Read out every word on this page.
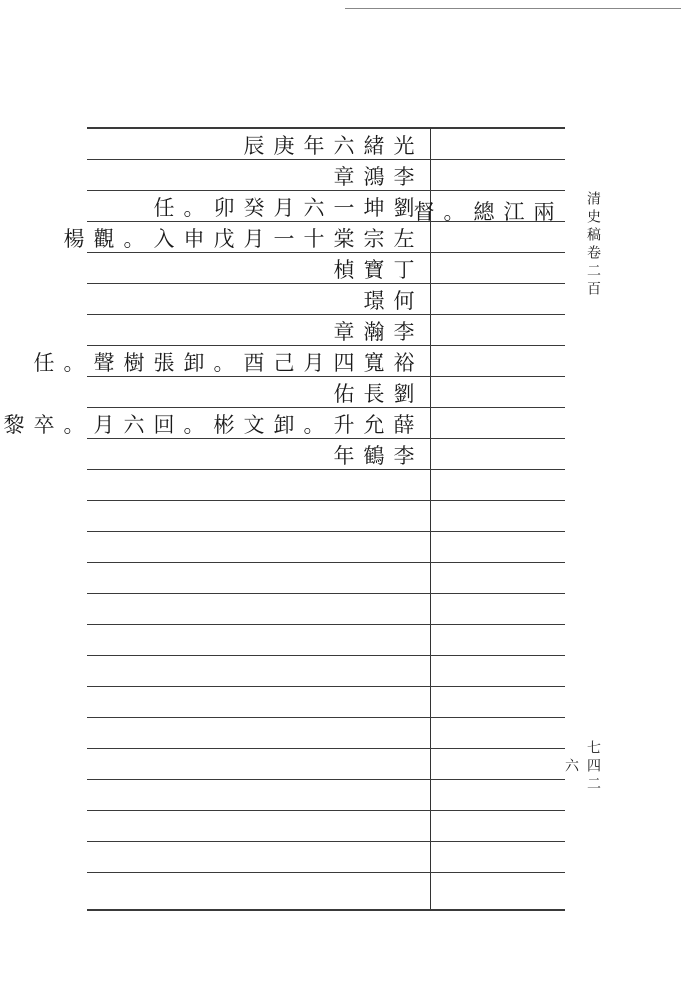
督 。 總 江 兩
辰 庚 年 六 緒 光
章 鴻 李
任 。 卯 癸 月 六 一 坤 劉
楊 觀 。 入 申 戊 月 一 十 棠 宗 左
楨 寶 丁
璟 何
章 瀚 李
任 。 聲 樹 張 卸 。 酉 己 月 四 寬 裕
佑 長 劉
黎 卒 。 月 六 回 。 彬 文 卸 。 升 允 薛
年 鶴 李
清史稿卷二百
七四二六
